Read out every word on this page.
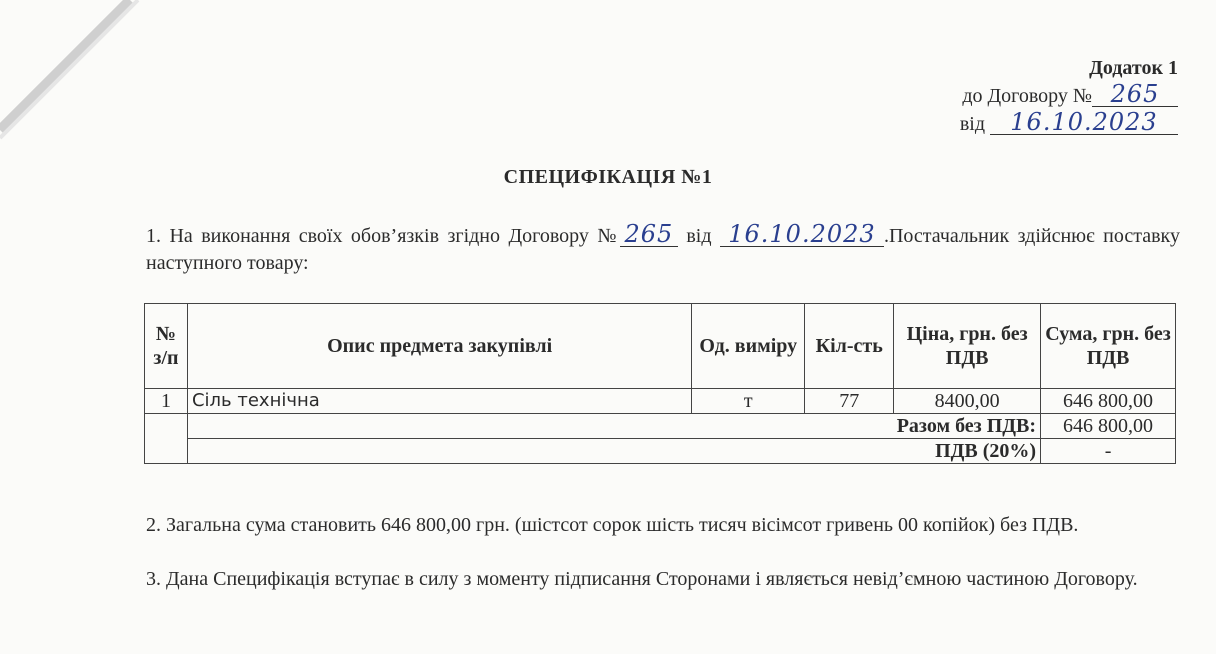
Додаток 1
до Договору № 265
від 16.10.2023
СПЕЦИФІКАЦІЯ №1
1. На виконання своїх обов’язків згідно Договору № 265 від 16.10.2023 .Постачальник здійснює поставку наступного товару:
№ з/п	Опис предмета закупівлі	Од. виміру	Кіл-сть	Ціна, грн. без ПДВ	Сума, грн. без ПДВ
1	Сіль технічна	т	77	8400,00	646 800,00
	Разом без ПДВ:				646 800,00
	ПДВ (20%)				-
2. Загальна сума становить 646 800,00 грн. (шістсот сорок шість тисяч вісімсот гривень 00 копійок) без ПДВ.
3. Дана Специфікація вступає в силу з моменту підписання Сторонами і являється невід’ємною частиною Договору.
